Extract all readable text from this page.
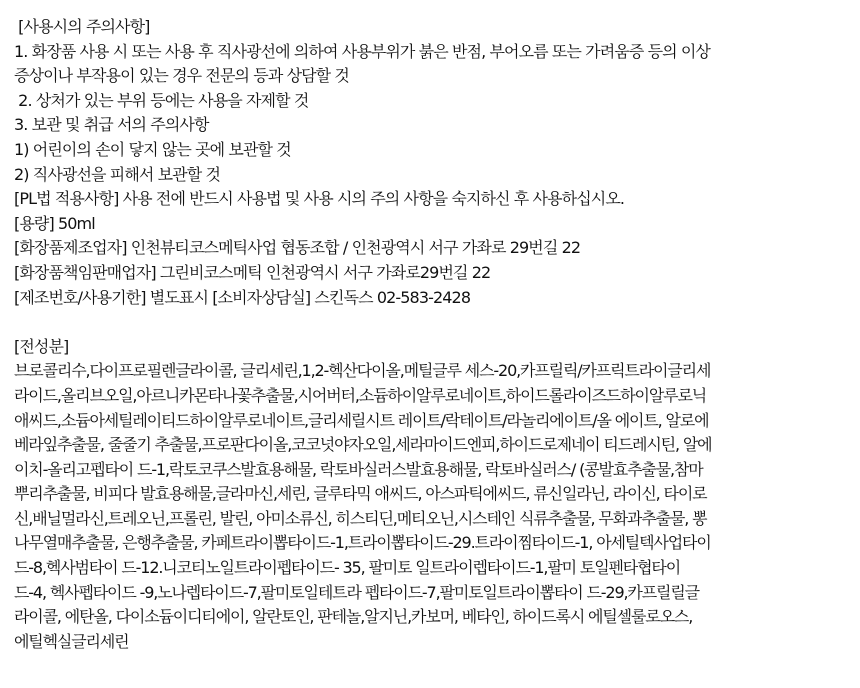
[사용시의 주의사항]
1. 화장품 사용 시 또는 사용 후 직사광선에 의하여 사용부위가 붉은 반점, 부어오름 또는 가려움증 등의 이상
증상이나 부작용이 있는 경우 전문의 등과 상담할 것
2. 상처가 있는 부위 등에는 사용을 자제할 것
3. 보관 및 취급 서의 주의사항
1) 어린이의 손이 닿지 않는 곳에 보관할 것
2) 직사광선을 피해서 보관할 것
[PL법 적용사항] 사용 전에 반드시 사용법 및 사용 시의 주의 사항을 숙지하신 후 사용하십시오.
[용량] 50ml
[화장품제조업자] 인천뷰티코스메틱사업 협동조합 / 인천광역시 서구 가좌로 29번길 22
[화장품책임판매업자] 그린비코스메틱 인천광역시 서구 가좌로29번길 22
[제조번호/사용기한] 별도표시 [소비자상담실] 스킨독스 02-583-2428
[전성분]
브로콜리수,다이프로필렌글라이콜, 글리세린,1,2-헥산다이올,메틸글루 세스-20,카프릴릭/카프릭트라이글리세
라이드,올리브오일,아르니카몬타나꽃추출물,시어버터,소듐하이알루로네이트,하이드롤라이즈드하이알루로닉
애씨드,소듐아세틸레이티드하이알루로네이트,글리세릴시트 레이트/락테이트/라놀리에이트/올 에이트, 알로에
베라잎추출물, 줄줄기 추출물,프로판다이올,코코넛야자오일,세라마이드엔피,하이드로제네이 티드레시틴, 알에
이치-올리고펩타이 드-1,락토코쿠스발효용해물, 락토바실러스발효용해물, 락토바실러스/ (콩발효추출물,참마
뿌리추출물, 비피다 발효용해물,글라마신,세린, 글루타믹 애씨드, 아스파틱에씨드, 류신일라닌, 라이신, 타이로
신,배닐멀라신,트레오닌,프롤린, 발린, 아미소류신, 히스티딘,메티오닌,시스테인 식류추출물, 무화과추출물, 뽕
나무열매추출물, 은행추출물, 카페트라이뽑타이드-1,트라이뽑타이드-29.트라이찜타이드-1, 아세틸텍사업타이
드-8,헥사범타이 드-12.니코티노일트라이펩타이드- 35, 팔미토 일트라이렙타이드-1,팔미 토일펜타협타이
드-4, 헥사펩타이드 -9,노나렙타이드-7,팔미토일테트라 펩타이드-7,팔미토일트라이뽑타이 드-29,카프릴릴글
라이콜, 에탄올, 다이소듐이디티에이, 알란토인, 판테놀,알지닌,카보머, 베타인, 하이드록시 에틸셀룰로오스,
에틸헥실글리세린
